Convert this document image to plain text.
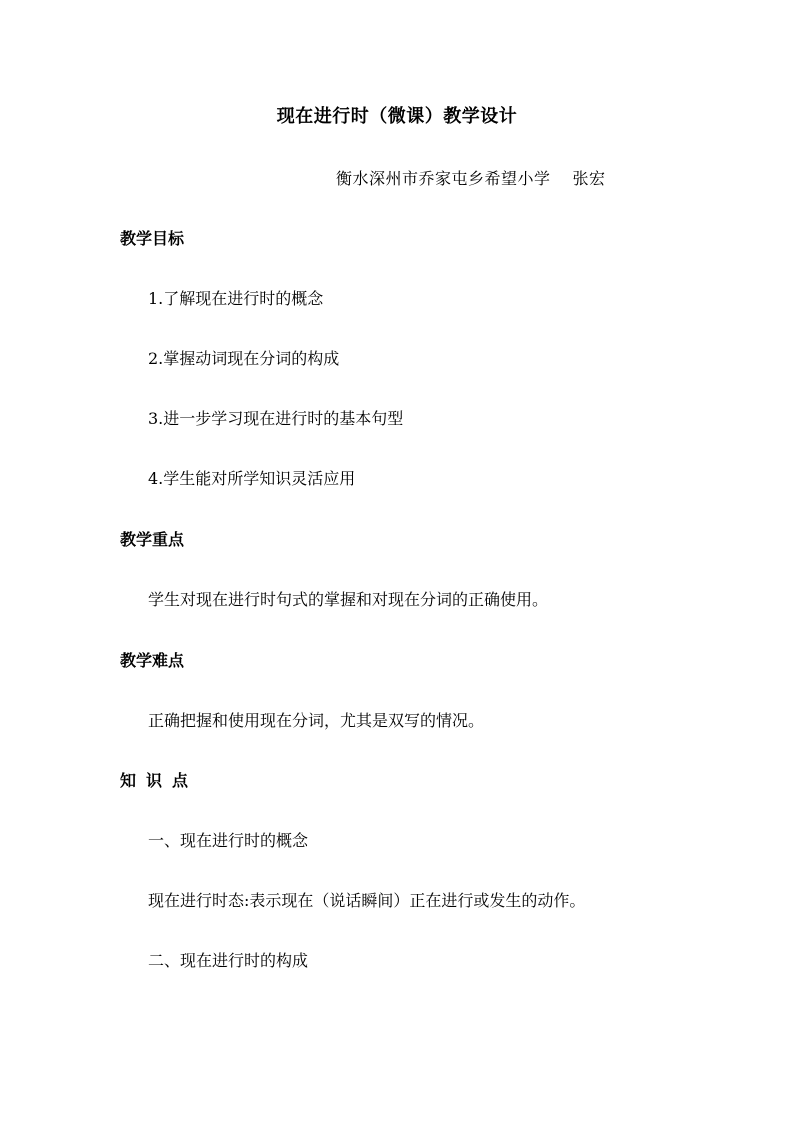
现在进行时（微课）教学设计
衡水深州市乔家屯乡希望小学 张宏
教学目标
1.了解现在进行时的概念
2.掌握动词现在分词的构成
3.进一步学习现在进行时的基本句型
4.学生能对所学知识灵活应用
教学重点
学生对现在进行时句式的掌握和对现在分词的正确使用。
教学难点
正确把握和使用现在分词，尤其是双写的情况。
知识点
一、现在进行时的概念
现在进行时态:表示现在（说话瞬间）正在进行或发生的动作。
二、现在进行时的构成
